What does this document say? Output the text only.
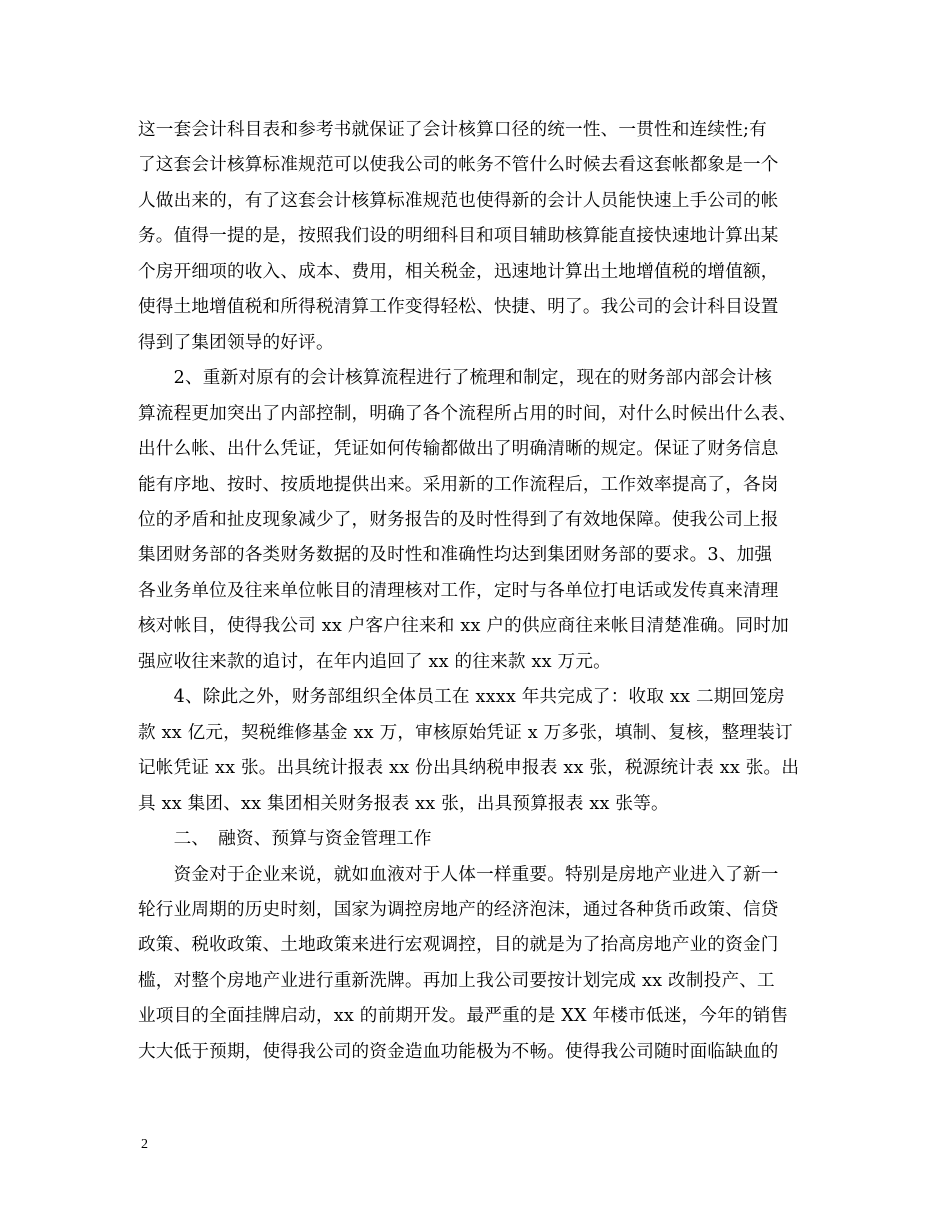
这一套会计科目表和参考书就保证了会计核算口径的统一性、一贯性和连续性;有
了这套会计核算标准规范可以使我公司的帐务不管什么时候去看这套帐都象是一个
人做出来的，有了这套会计核算标准规范也使得新的会计人员能快速上手公司的帐
务。值得一提的是，按照我们设的明细科目和项目辅助核算能直接快速地计算出某
个房开细项的收入、成本、费用，相关税金，迅速地计算出土地增值税的增值额，
使得土地增值税和所得税清算工作变得轻松、快捷、明了。我公司的会计科目设置
得到了集团领导的好评。
　　2、重新对原有的会计核算流程进行了梳理和制定，现在的财务部内部会计核
算流程更加突出了内部控制，明确了各个流程所占用的时间，对什么时候出什么表、
出什么帐、出什么凭证，凭证如何传输都做出了明确清晰的规定。保证了财务信息
能有序地、按时、按质地提供出来。采用新的工作流程后，工作效率提高了，各岗
位的矛盾和扯皮现象减少了，财务报告的及时性得到了有效地保障。使我公司上报
集团财务部的各类财务数据的及时性和准确性均达到集团财务部的要求。3、加强
各业务单位及往来单位帐目的清理核对工作，定时与各单位打电话或发传真来清理
核对帐目，使得我公司 xx 户客户往来和 xx 户的供应商往来帐目清楚准确。同时加
强应收往来款的追讨，在年内追回了 xx 的往来款 xx 万元。
　　4、除此之外，财务部组织全体员工在 xxxx 年共完成了：收取 xx 二期回笼房
款 xx 亿元，契税维修基金 xx 万，审核原始凭证 x 万多张，填制、复核，整理装订
记帐凭证 xx 张。出具统计报表 xx 份出具纳税申报表 xx 张，税源统计表 xx 张。出
具 xx 集团、xx 集团相关财务报表 xx 张，出具预算报表 xx 张等。
　　二、　融资、预算与资金管理工作
　　资金对于企业来说，就如血液对于人体一样重要。特别是房地产业进入了新一
轮行业周期的历史时刻，国家为调控房地产的经济泡沫，通过各种货币政策、信贷
政策、税收政策、土地政策来进行宏观调控，目的就是为了抬高房地产业的资金门
槛，对整个房地产业进行重新洗牌。再加上我公司要按计划完成 xx 改制投产、工
业项目的全面挂牌启动，xx 的前期开发。最严重的是 XX 年楼市低迷，今年的销售
大大低于预期，使得我公司的资金造血功能极为不畅。使得我公司随时面临缺血的
2
